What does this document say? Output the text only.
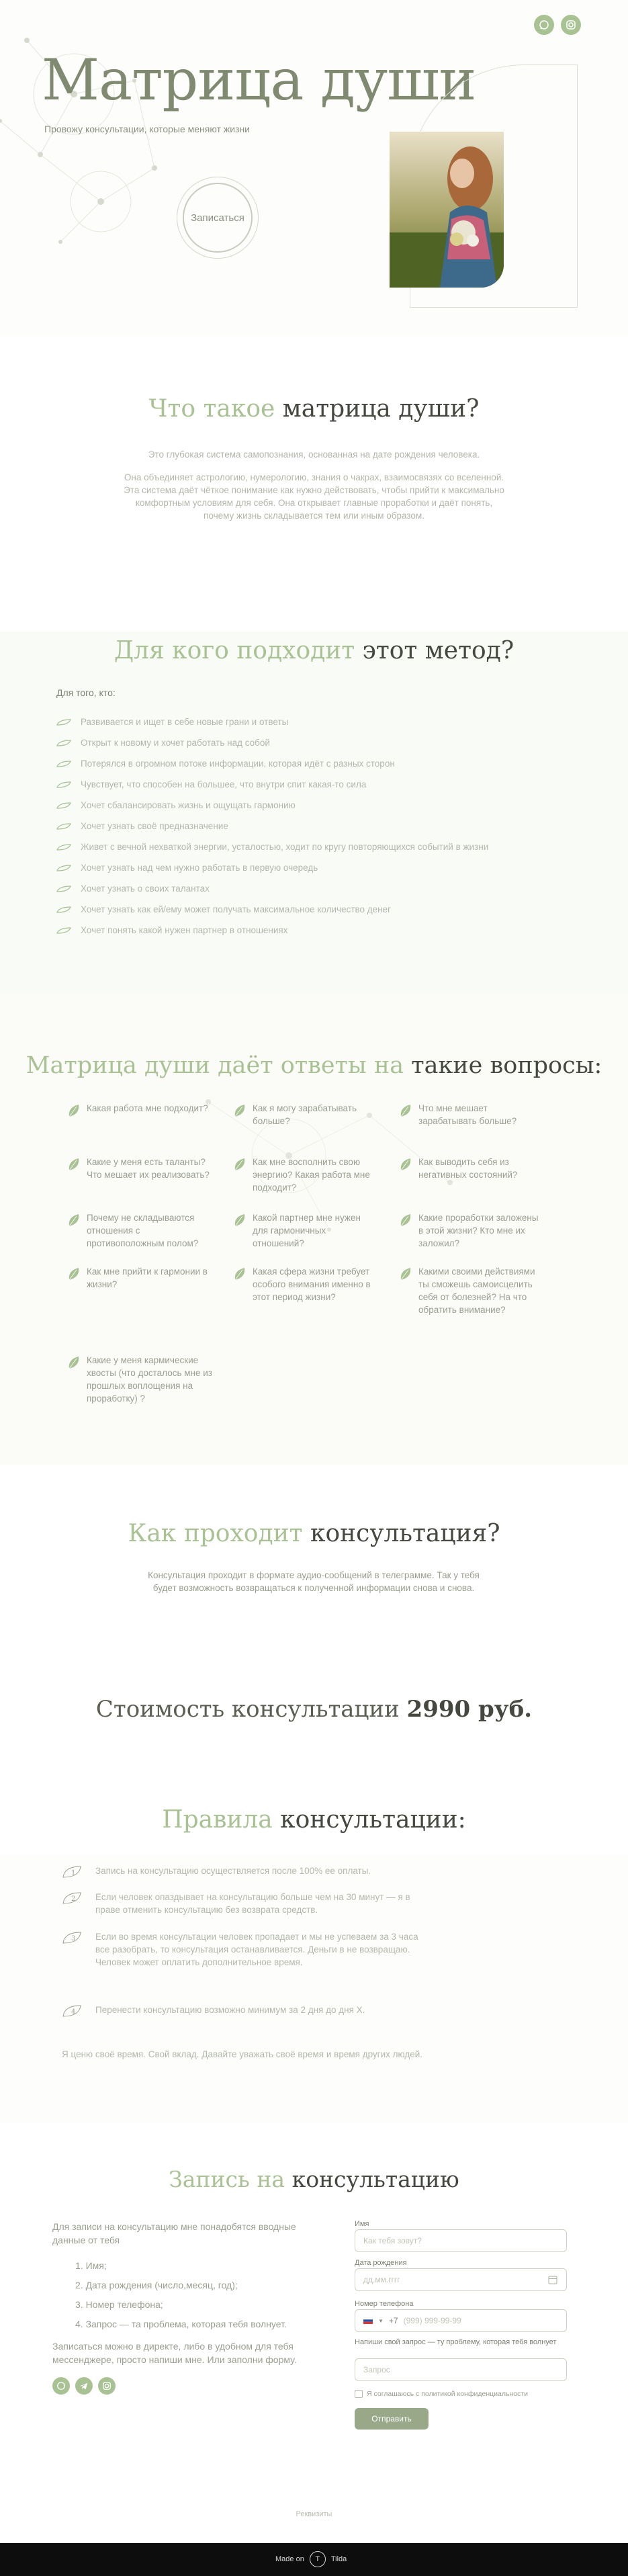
Матрица души

Провожу консультации, которые меняют жизни

Записаться
Что такое матрица души?

Это глубокая система самопознания, основанная на дате рождения человека.

Она объединяет астрологию, нумерологию, знания о чакрах, взаимосвязях со вселенной. Эта система даёт чёткое понимание как нужно действовать, чтобы прийти к максимально комфортным условиям для себя. Она открывает главные проработки и даёт понять, почему жизнь складывается тем или иным образом.

Для кого подходит этот метод?

Для того, кто:

Развивается и ищет в себе новые грани и ответы
Открыт к новому и хочет работать над собой
Потерялся в огромном потоке информации, которая идёт с разных сторон
Чувствует, что способен на большее, что внутри спит какая-то сила
Хочет сбалансировать жизнь и ощущать гармонию
Хочет узнать своё предназначение
Живет с вечной нехваткой энергии, усталостью, ходит по кругу повторяющихся событий в жизни
Хочет узнать над чем нужно работать в первую очередь
Хочет узнать о своих талантах
Хочет узнать как ей/ему может получать максимальное количество денег
Хочет понять какой нужен партнер в отношениях
Матрица души даёт ответы на такие вопросы:
Какая работа мне подходит?	Как я могу зарабатывать больше?
Что мне мешает зарабатывать больше?
Какие у меня есть таланты? Что мешает их реализовать?
Как мне восполнить свою энергию? Какая работа мне подходит?
Как выводить себя из негативных состояний?
Почему не складываются отношения с противоположным полом?
Какой партнер мне нужен для гармоничных отношений?
Какие проработки заложены в этой жизни? Кто мне их заложил?
Как мне прийти к гармонии в жизни?
Какая сфера жизни требует особого внимания именно в этот период жизни?
Какими своими действиями ты сможешь самоисцелить себя от болезней? На что обратить внимание?
Какие у меня кармические хвосты (что досталось мне из прошлых воплощения на проработку) ?
Как проходит консультация?

Консультация проходит в формате аудио-сообщений в телеграмме. Так у тебя будет возможность возвращаться к полученной информации снова и снова.

Стоимость консультации 2990 руб.
Правила консультации:
1 Запись на консультацию осуществляется после 100% ее оплаты.
2 Если человек опаздывает на консультацию больше чем на 30 минут — я в праве отменить консультацию без возврата средств.
3 Если во время консультации человек пропадает и мы не успеваем за 3 часа все разобрать, то консультация останавливается. Деньги в не возвращаю. Человек может оплатить дополнительное время.
4 Перенести консультацию возможно минимум за 2 дня до дня Х.

Я ценю своё время. Свой вклад. Давайте уважать своё время и время других людей.

Запись на консультацию

Для записи на консультацию мне понадобятся вводные данные от тебя

1. Имя;
2. Дата рождения (число,месяц, год);
3. Номер телефона;
4. Запрос — та проблема, которая тебя волнует.

Записаться можно в директе, либо в удобном для тебя мессенджере, просто напиши мне. Или заполни форму.

Имя
Как тебя зовут?
Дата рождения
дд.мм.гггг
Номер телефона
▼ +7 (999) 999-99-99
Напиши свой запрос — ту проблему, которая тебя волнует
Запрос
Я соглашаюсь с политикой конфиденциальности
Отправить
Реквизиты
Made on	T	Tilda
